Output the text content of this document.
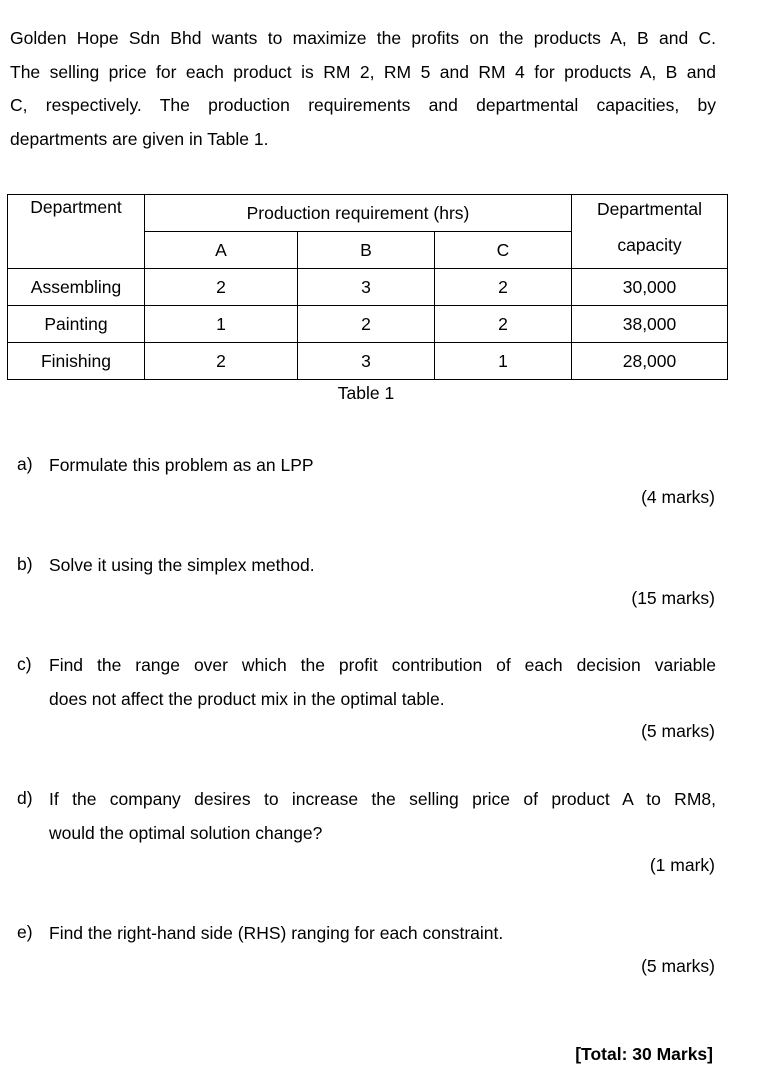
Golden Hope Sdn Bhd wants to maximize the profits on the products A, B and C.
The selling price for each product is RM 2, RM 5 and RM 4 for products A, B and
C, respectively. The production requirements and departmental capacities, by
departments are given in Table 1.
Department	Production requirement (hrs)			Departmental
capacity

	A	B	C	
Assembling	2	3	2	30,000
Painting	1	2	2	38,000
Finishing	2	3	1	28,000
Table 1
a) Formulate this problem as an LPP
(4 marks)
b) Solve it using the simplex method.
(15 marks)
c) Find the range over which the profit contribution of each decision variable
does not affect the product mix in the optimal table.
(5 marks)
d) If the company desires to increase the selling price of product A to RM8,
would the optimal solution change?
(1 mark)
e) Find the right-hand side (RHS) ranging for each constraint.
(5 marks)
[Total: 30 Marks]
